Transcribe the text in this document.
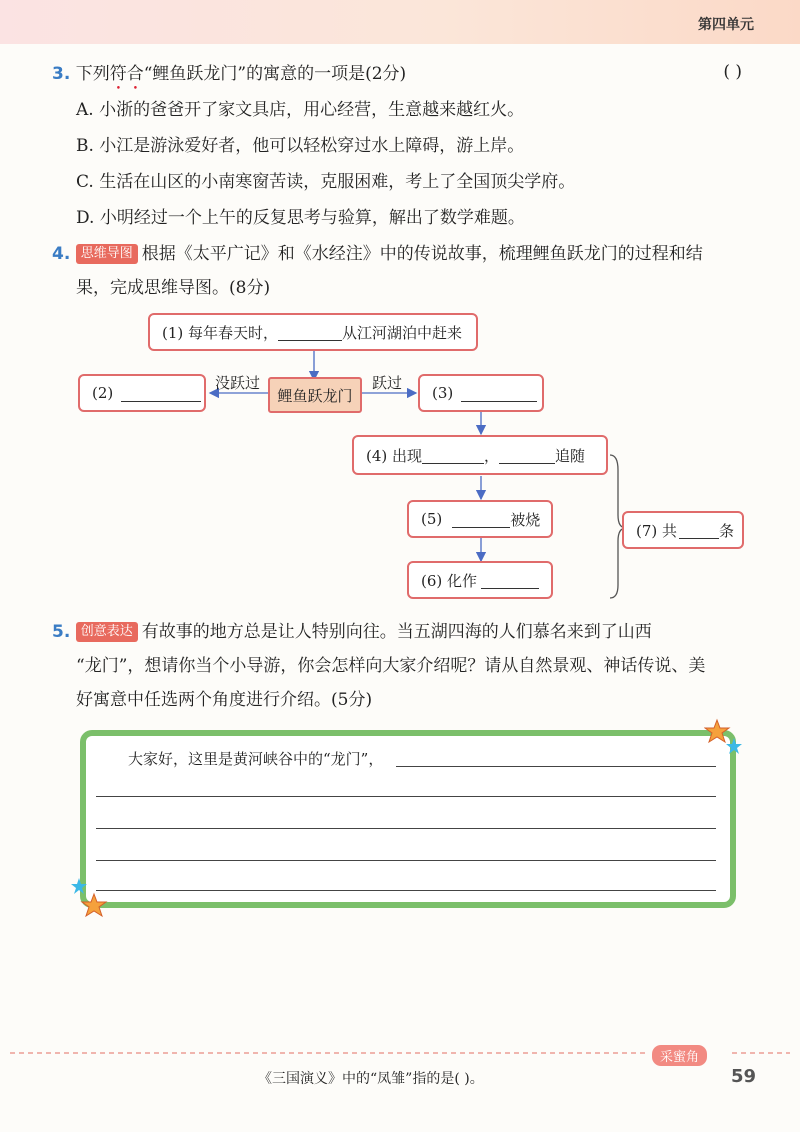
第四单元
3. 下列符合“鲤鱼跃龙门”的寓意的一项是(2分)	( )
A. 小浙的爸爸开了家文具店，用心经营，生意越来越红火。
B. 小江是游泳爱好者，他可以轻松穿过水上障碍，游上岸。
C. 生活在山区的小南寒窗苦读，克服困难，考上了全国顶尖学府。
D. 小明经过一个上午的反复思考与验算，解出了数学难题。
4. 思维导图 根据《太平广记》和《水经注》中的传说故事，梳理鲤鱼跃龙门的过程和结
果，完成思维导图。(8分)
(1) 每年春天时，	从江河湖泊中赶来
(2)	鲤鱼跃龙门
没跃过	跃过
(3)
(4) 出现	，	追随
(5)	被烧
(6) 化作
(7) 共	条
5. 创意表达 有故事的地方总是让人特别向往。当五湖四海的人们慕名来到了山西
“龙门”，想请你当个小导游，你会怎样向大家介绍呢？请从自然景观、神话传说、美
好寓意中任选两个角度进行介绍。(5分)
大家好，这里是黄河峡谷中的“龙门”，
采蜜角
《三国演义》中的“凤雏”指的是( )。	59
